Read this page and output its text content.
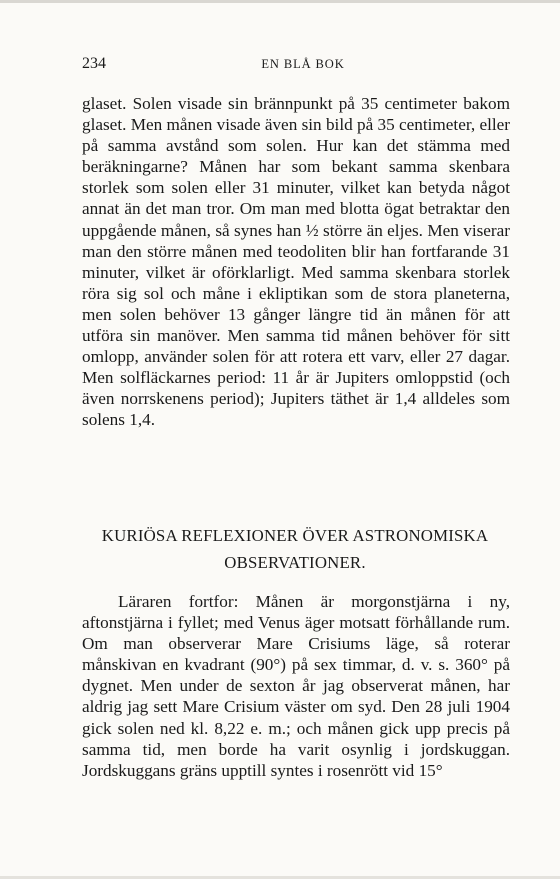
234	EN BLÅ BOK

glaset. Solen visade sin brännpunkt på 35 centimeter bakom glaset. Men månen visade även sin bild på 35 centimeter, eller på samma avstånd som solen. Hur kan det stämma med beräkningarne? Månen har som bekant samma skenbara storlek som solen eller 31 minuter, vilket kan betyda något annat än det man tror. Om man med blotta ögat betraktar den uppgående månen, så synes han ½ större än eljes. Men viserar man den större månen med teodoliten blir han fortfarande 31 minuter, vilket är oförklarligt. Med samma skenbara storlek röra sig sol och måne i ekliptikan som de stora planeterna, men solen behöver 13 gånger längre tid än månen för att utföra sin manöver. Men samma tid månen behöver för sitt omlopp, använder solen för att rotera ett varv, eller 27 dagar. Men solfläckarnes period: 11 år är Jupiters omloppstid (och även norrskenens period); Jupiters täthet är 1,4 alldeles som solens 1,4.

KURIÖSA REFLEXIONER ÖVER ASTRONOMISKA OBSERVATIONER.

Läraren fortfor: Månen är morgonstjärna i ny, aftonstjärna i fyllet; med Venus äger motsatt förhållande rum. Om man observerar Mare Crisiums läge, så roterar månskivan en kvadrant (90°) på sex timmar, d. v. s. 360° på dygnet. Men under de sexton år jag observerat månen, har aldrig jag sett Mare Crisium väster om syd. Den 28 juli 1904 gick solen ned kl. 8,22 e. m.; och månen gick upp precis på samma tid, men borde ha varit osynlig i jordskuggan. Jordskuggans gräns upptill syntes i rosenrött vid 15°
